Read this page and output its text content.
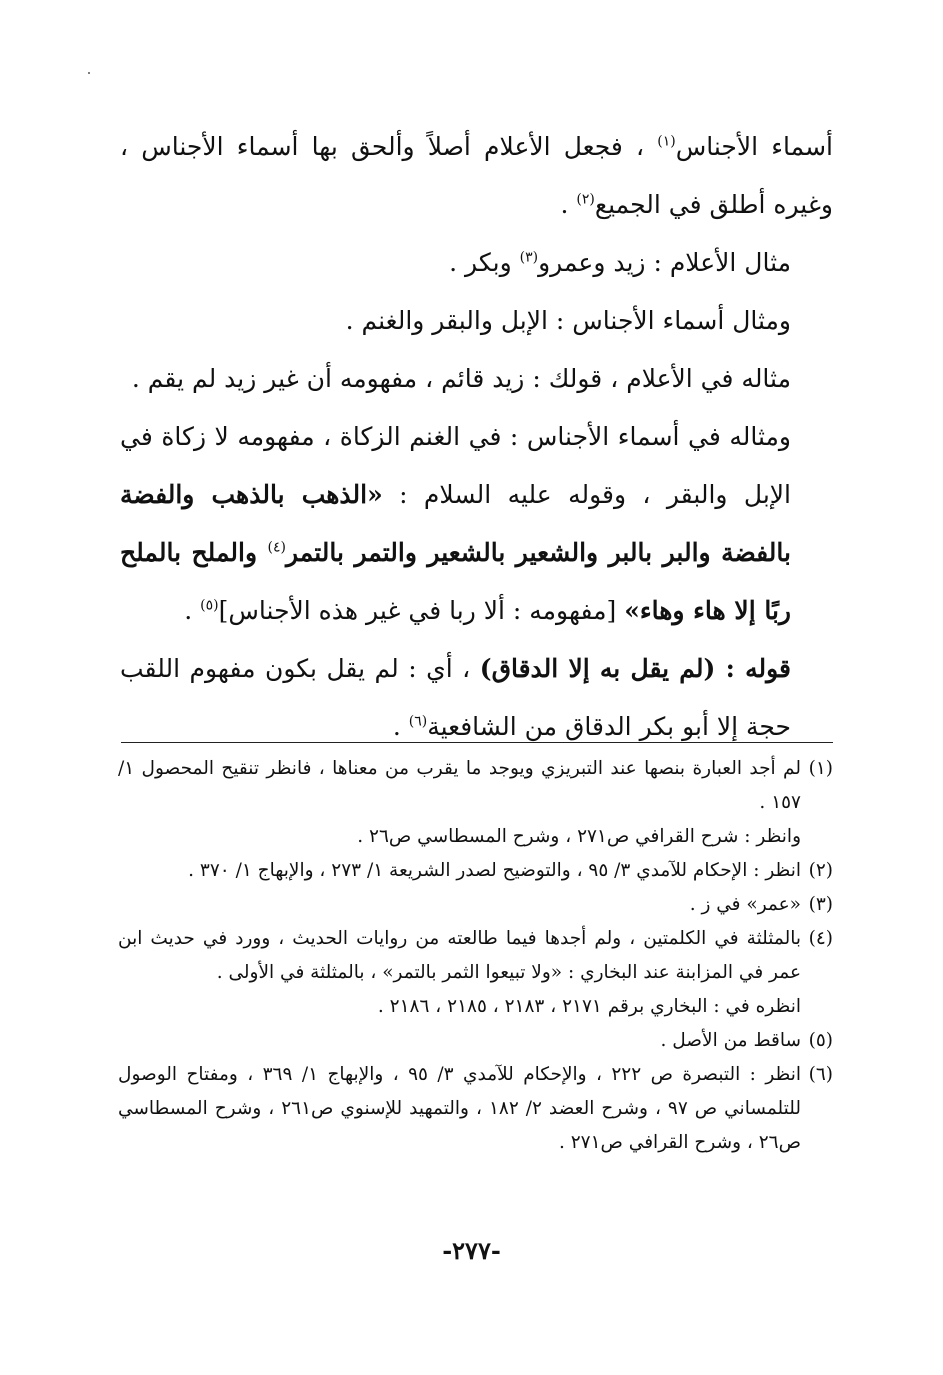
أسماء الأجناس$^{(١)}$ ، فجعل الأعلام أصلاً وألحق بها أسماء الأجناس ، وغيره أطلق في الجميع$^{(٢)}$ .

مثال الأعلام : زيد وعمرو$^{(٣)}$ وبكر .

ومثال أسماء الأجناس : الإبل والبقر والغنم .

مثاله في الأعلام ، قولك : زيد قائم ، مفهومه أن غير زيد لم يقم .

ومثاله في أسماء الأجناس : في الغنم الزكاة ، مفهومه لا زكاة في الإبل والبقر ، وقوله عليه السلام : «الذهب بالذهب والفضة بالفضة والبر بالبر والشعير بالشعير والتمر بالتمر$^{(٤)}$ والملح بالملح ربًا إلا هاء وهاء» [مفهومه : ألا ربا في غير هذه الأجناس]$^{(٥)}$ .

قوله : (لم يقل به إلا الدقاق) ، أي : لم يقل بكون مفهوم اللقب حجة إلا أبو بكر الدقاق من الشافعية$^{(٦)}$ .

(١)
لم أجد العبارة بنصها عند التبريزي ويوجد ما يقرب من معناها ، فانظر تنقيح المحصول ١/ ١٥٧ .

وانظر : شرح القرافي ص٢٧١ ، وشرح المسطاسي ص٢٦ .

(٢)
انظر : الإحكام للآمدي ٣/ ٩٥ ، والتوضيح لصدر الشريعة ١/ ٢٧٣ ، والإبهاج ١/ ٣٧٠ .

(٣)
«عمر» في ز .

(٤)
بالمثلثة في الكلمتين ، ولم أجدها فيما طالعته من روايات الحديث ، وورد في حديث ابن عمر في المزابنة عند البخاري : «ولا تبيعوا الثمر بالتمر» ، بالمثلثة في الأولى .

انظره في : البخاري برقم ٢١٧١ ، ٢١٨٣ ، ٢١٨٥ ، ٢١٨٦ .

(٥)
ساقط من الأصل .

(٦)
انظر : التبصرة ص ٢٢٢ ، والإحكام للآمدي ٣/ ٩٥ ، والإبهاج ١/ ٣٦٩ ، ومفتاح الوصول للتلمساني ص ٩٧ ، وشرح العضد ٢/ ١٨٢ ، والتمهيد للإسنوي ص٢٦١ ، وشرح المسطاسي ص٢٦ ، وشرح القرافي ص٢٧١ .

-٢٧٧-
